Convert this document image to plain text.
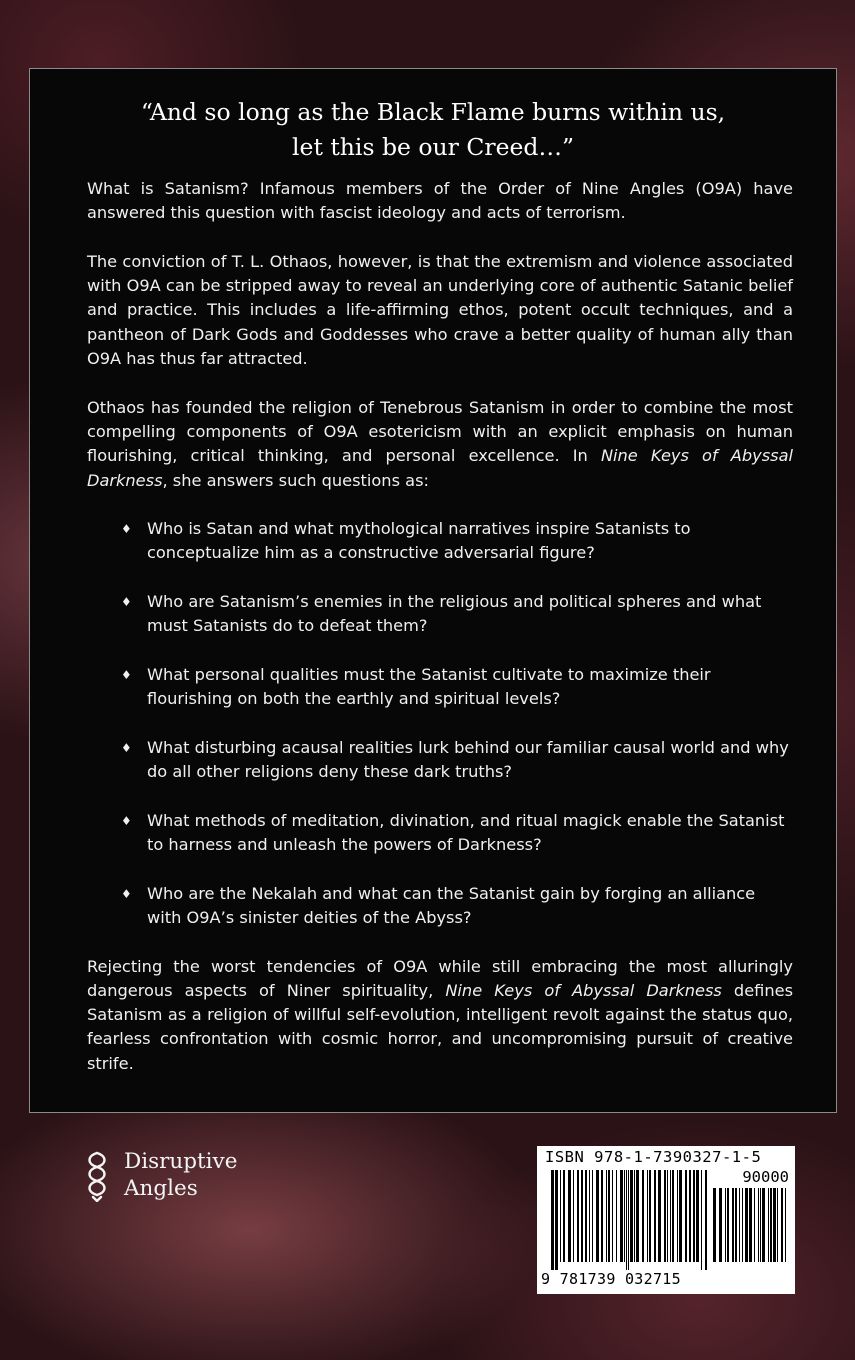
“And so long as the Black Flame burns within us,
let this be our Creed…”

What is Satanism? Infamous members of the Order of Nine Angles (O9A) have answered this question with fascist ideology and acts of terrorism.

The conviction of T. L. Othaos, however, is that the extremism and violence associated with O9A can be stripped away to reveal an underlying core of authentic Satanic belief and practice. This includes a life-affirming ethos, potent occult techniques, and a pantheon of Dark Gods and Goddesses who crave a better quality of human ally than O9A has thus far attracted.

Othaos has founded the religion of Tenebrous Satanism in order to combine the most compelling components of O9A esotericism with an explicit emphasis on human flourishing, critical thinking, and personal excellence. In Nine Keys of Abyssal Darkness, she answers such questions as:

♦ Who is Satan and what mythological narratives inspire Satanists to conceptualize him as a constructive adversarial figure?
♦ Who are Satanism’s enemies in the religious and political spheres and what must Satanists do to defeat them?
♦ What personal qualities must the Satanist cultivate to maximize their flourishing on both the earthly and spiritual levels?
♦ What disturbing acausal realities lurk behind our familiar causal world and why do all other religions deny these dark truths?
♦ What methods of meditation, divination, and ritual magick enable the Satanist to harness and unleash the powers of Darkness?
♦ Who are the Nekalah and what can the Satanist gain by forging an alliance with O9A’s sinister deities of the Abyss?

Rejecting the worst tendencies of O9A while still embracing the most alluringly dangerous aspects of Niner spirituality, Nine Keys of Abyssal Darkness defines Satanism as a religion of willful self-evolution, intelligent revolt against the status quo, fearless confrontation with cosmic horror, and uncompromising pursuit of creative strife.

Disruptive
Angles
ISBN 978-1-7390327-1-5
90000
9 781739 032715
